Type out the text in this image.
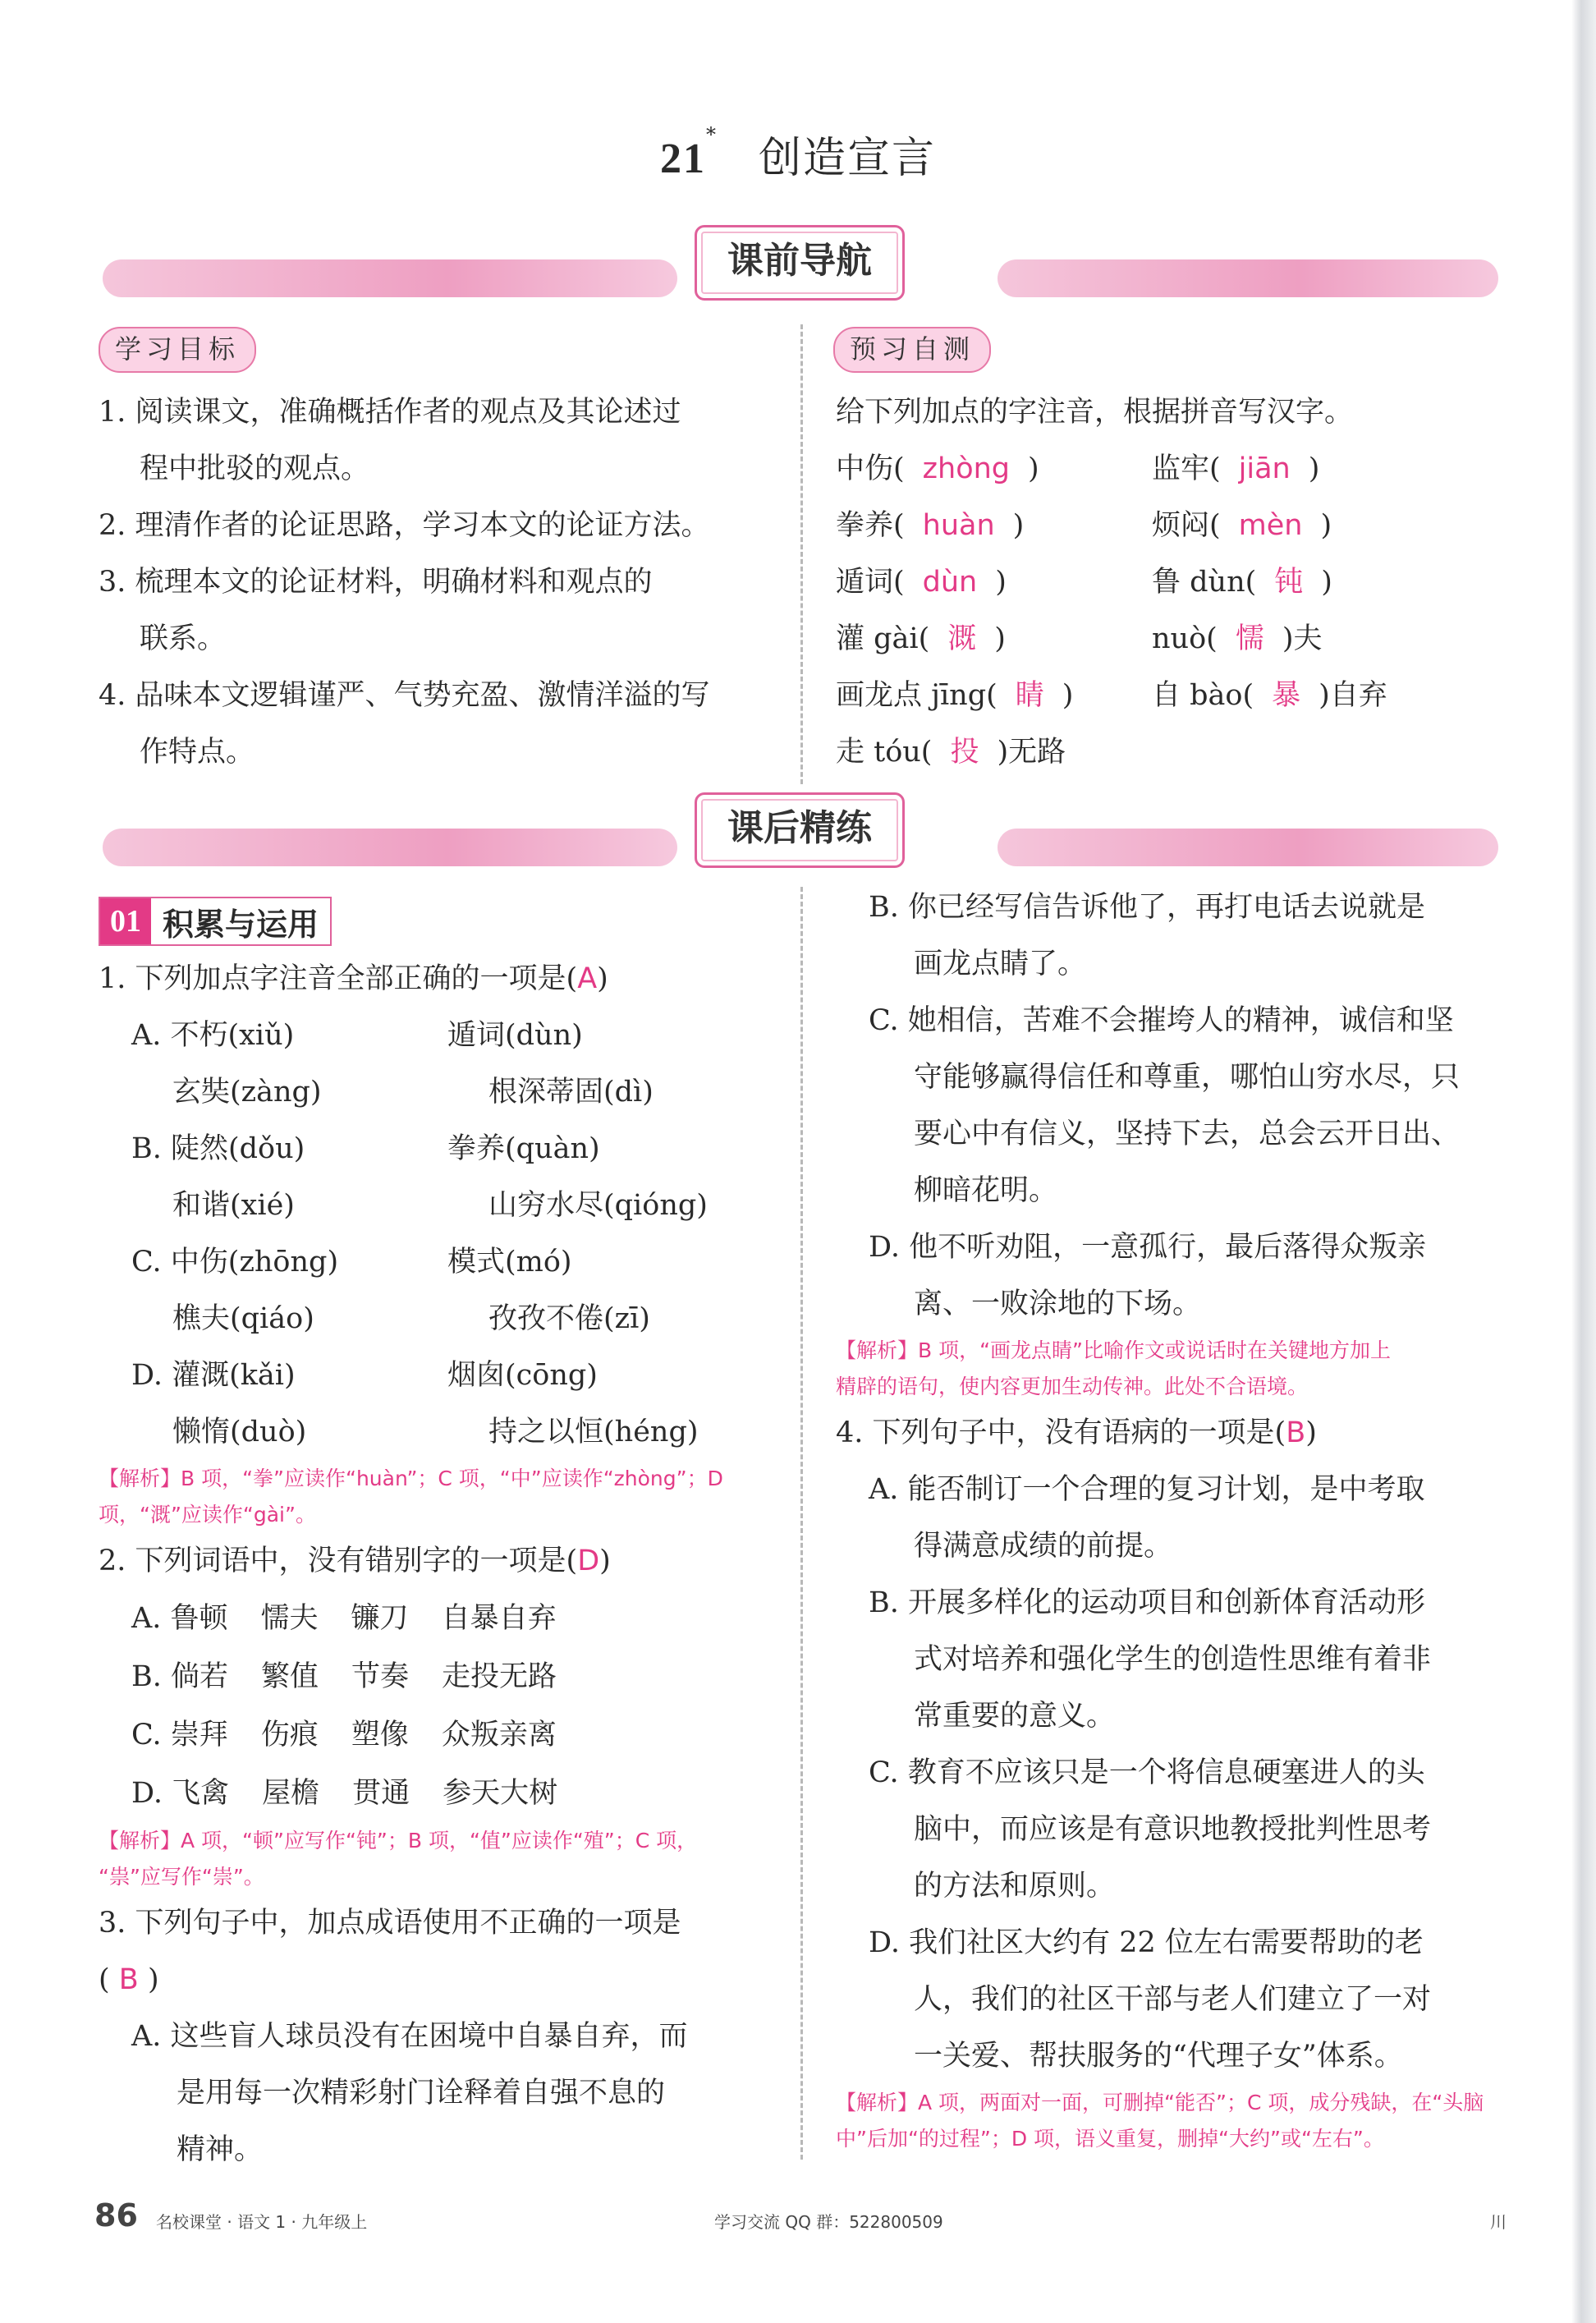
21* 创造宣言
课前导航
学习目标	预习自测
1. 阅读课文，准确概括作者的观点及其论述过
程中批驳的观点。
2. 理清作者的论证思路，学习本文的论证方法。
3. 梳理本文的论证材料，明确材料和观点的
联系。
4. 品味本文逻辑谨严、气势充盈、激情洋溢的写
作特点。
给下列加点的字注音，根据拼音写汉字。
中伤( zhòng )	监牢( jiān )
拳养( huàn )	烦闷( mèn )
遁词( dùn )	鲁 dùn( 钝 )
灌 gài( 溉 )	nuò( 懦 )夫
画龙点 jīng( 睛 )	自 bào( 暴 )自弃
走 tóu( 投 )无路
课后精练
01 积累与运用
1. 下列加点字注音全部正确的一项是(A)
A. 不朽(xiǔ)	遁词(dùn)
玄奘(zàng)	根深蒂固(dì)
B. 陡然(dǒu)	拳养(quàn)
和谐(xié)	山穷水尽(qióng)
C. 中伤(zhōng)	模式(mó)
樵夫(qiáo)	孜孜不倦(zī)
D. 灌溉(kǎi)	烟囱(cōng)
懒惰(duò)	持之以恒(héng)
【解析】B 项，“拳”应读作“huàn”；C 项，“中”应读作“zhòng”；D
项，“溉”应读作“gài”。
2. 下列词语中，没有错别字的一项是(D)
A. 鲁顿 懦夫 镰刀 自暴自弃
B. 倘若 繁值 节奏 走投无路
C. 崇拜 伤痕 塑像 众叛亲离
D. 飞禽 屋檐 贯通 参天大树
【解析】A 项，“顿”应写作“钝”；B 项，“值”应读作“殖”；C 项，
“祟”应写作“崇”。
3. 下列句子中，加点成语使用不正确的一项是
( B )
A. 这些盲人球员没有在困境中自暴自弃，而
是用每一次精彩射门诠释着自强不息的
精神。
B. 你已经写信告诉他了，再打电话去说就是
画龙点睛了。
C. 她相信，苦难不会摧垮人的精神，诚信和坚
守能够赢得信任和尊重，哪怕山穷水尽，只
要心中有信义，坚持下去，总会云开日出、
柳暗花明。
D. 他不听劝阻，一意孤行，最后落得众叛亲
离、一败涂地的下场。
【解析】B 项，“画龙点睛”比喻作文或说话时在关键地方加上
精辟的语句，使内容更加生动传神。此处不合语境。
4. 下列句子中，没有语病的一项是(B)
A. 能否制订一个合理的复习计划，是中考取
得满意成绩的前提。
B. 开展多样化的运动项目和创新体育活动形
式对培养和强化学生的创造性思维有着非
常重要的意义。
C. 教育不应该只是一个将信息硬塞进人的头
脑中，而应该是有意识地教授批判性思考
的方法和原则。
D. 我们社区大约有 22 位左右需要帮助的老
人，我们的社区干部与老人们建立了一对
一关爱、帮扶服务的“代理子女”体系。
【解析】A 项，两面对一面，可删掉“能否”；C 项，成分残缺，在“头脑
中”后加“的过程”；D 项，语义重复，删掉“大约”或“左右”。
86 名校课堂 · 语文 1 · 九年级上	学习交流 QQ 群：522800509	川
